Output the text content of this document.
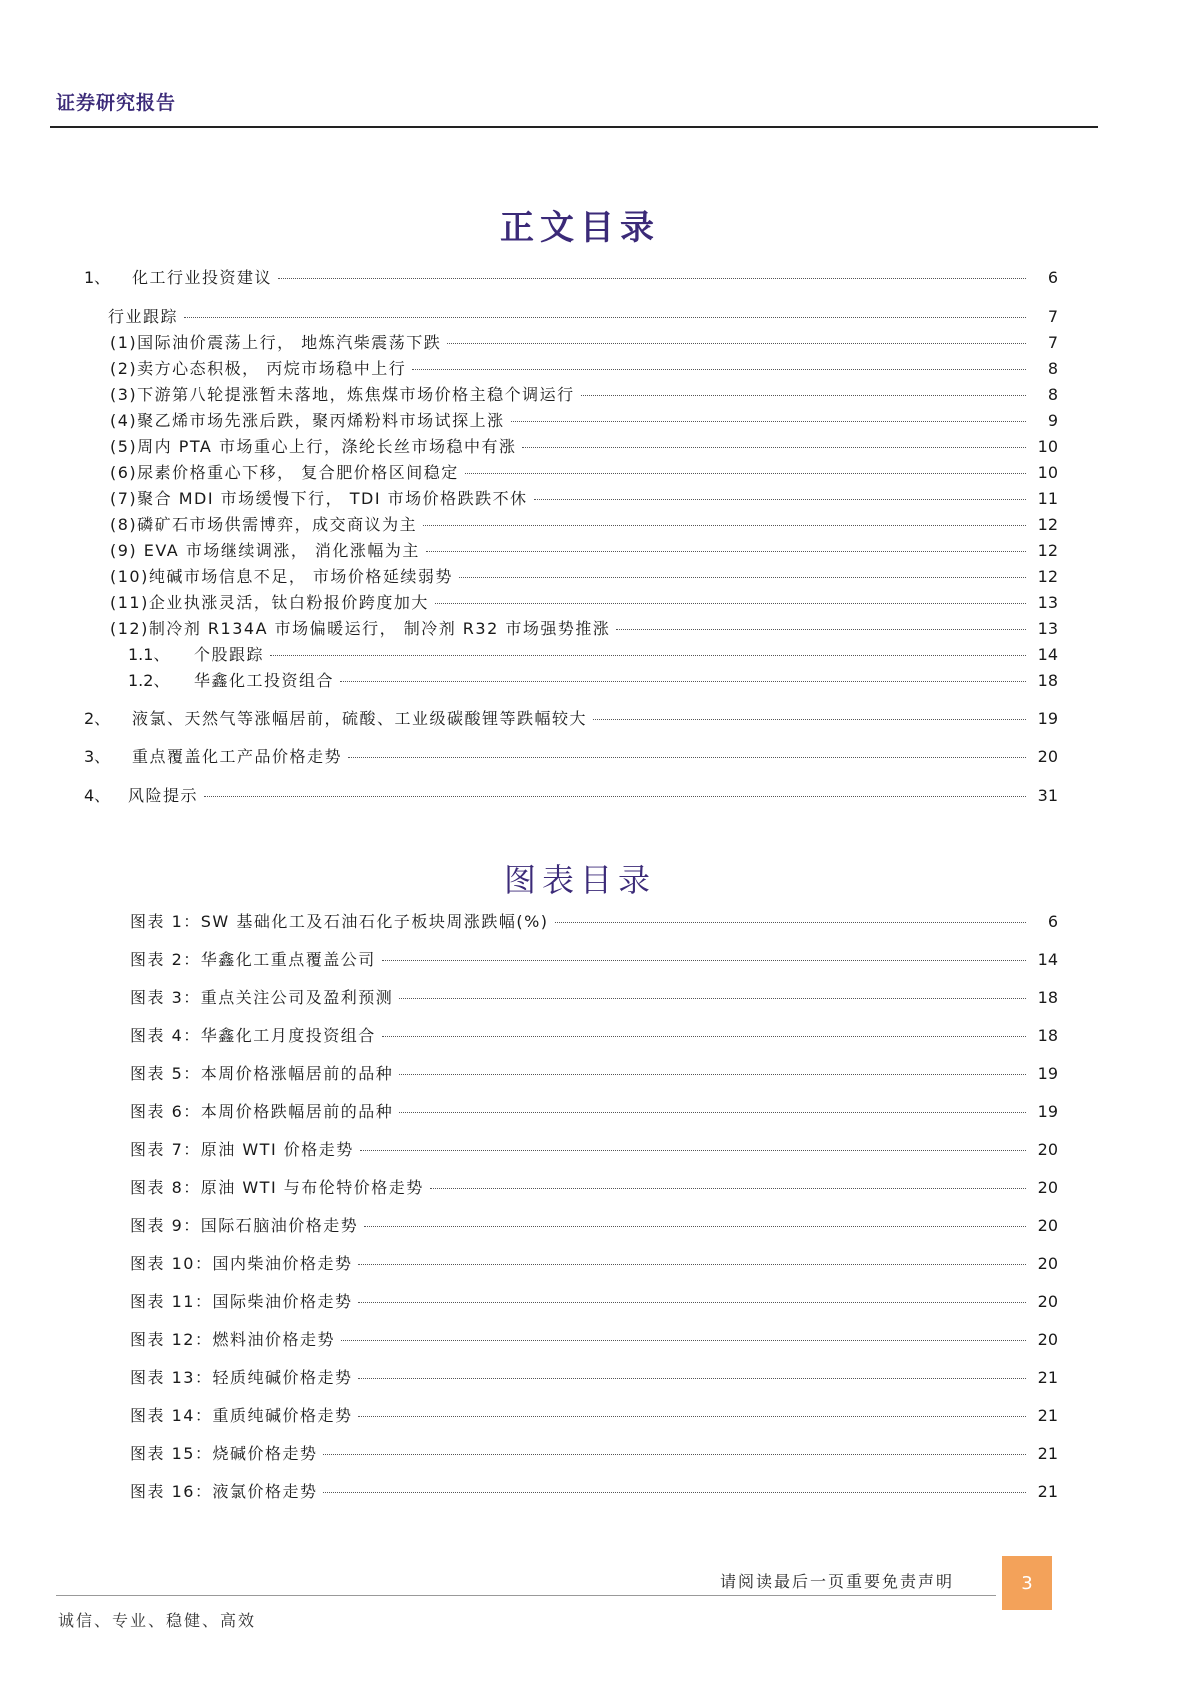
证券研究报告
正文目录
1、	化工行业投资建议	6
行业跟踪	7
(1)国际油价震荡上行， 地炼汽柴震荡下跌	7
(2)卖方心态积极， 丙烷市场稳中上行	8
(3)下游第八轮提涨暂未落地，炼焦煤市场价格主稳个调运行	8
(4)聚乙烯市场先涨后跌，聚丙烯粉料市场试探上涨	9
(5)周内 PTA 市场重心上行，涤纶长丝市场稳中有涨	10
(6)尿素价格重心下移， 复合肥价格区间稳定	10
(7)聚合 MDI 市场缓慢下行， TDI 市场价格跌跌不休	11
(8)磷矿石市场供需博弈，成交商议为主	12
(9) EVA 市场继续调涨， 消化涨幅为主	12
(10)纯碱市场信息不足， 市场价格延续弱势	12
(11)企业执涨灵活，钛白粉报价跨度加大	13
(12)制冷剂 R134A 市场偏暖运行， 制冷剂 R32 市场强势推涨	13
1.1、	个股跟踪	14
1.2、	华鑫化工投资组合	18
2、	液氯、天然气等涨幅居前，硫酸、工业级碳酸锂等跌幅较大	19
3、	重点覆盖化工产品价格走势	20
4、	风险提示	31
图表目录
图表 1：SW 基础化工及石油石化子板块周涨跌幅(%)	6
图表 2：华鑫化工重点覆盖公司	14
图表 3：重点关注公司及盈利预测	18
图表 4：华鑫化工月度投资组合	18
图表 5：本周价格涨幅居前的品种	19
图表 6：本周价格跌幅居前的品种	19
图表 7：原油 WTI 价格走势	20
图表 8：原油 WTI 与布伦特价格走势	20
图表 9：国际石脑油价格走势	20
图表 10：国内柴油价格走势	20
图表 11：国际柴油价格走势	20
图表 12：燃料油价格走势	20
图表 13：轻质纯碱价格走势	21
图表 14：重质纯碱价格走势	21
图表 15：烧碱价格走势	21
图表 16：液氯价格走势	21
请阅读最后一页重要免责声明	3
诚信、专业、稳健、高效
